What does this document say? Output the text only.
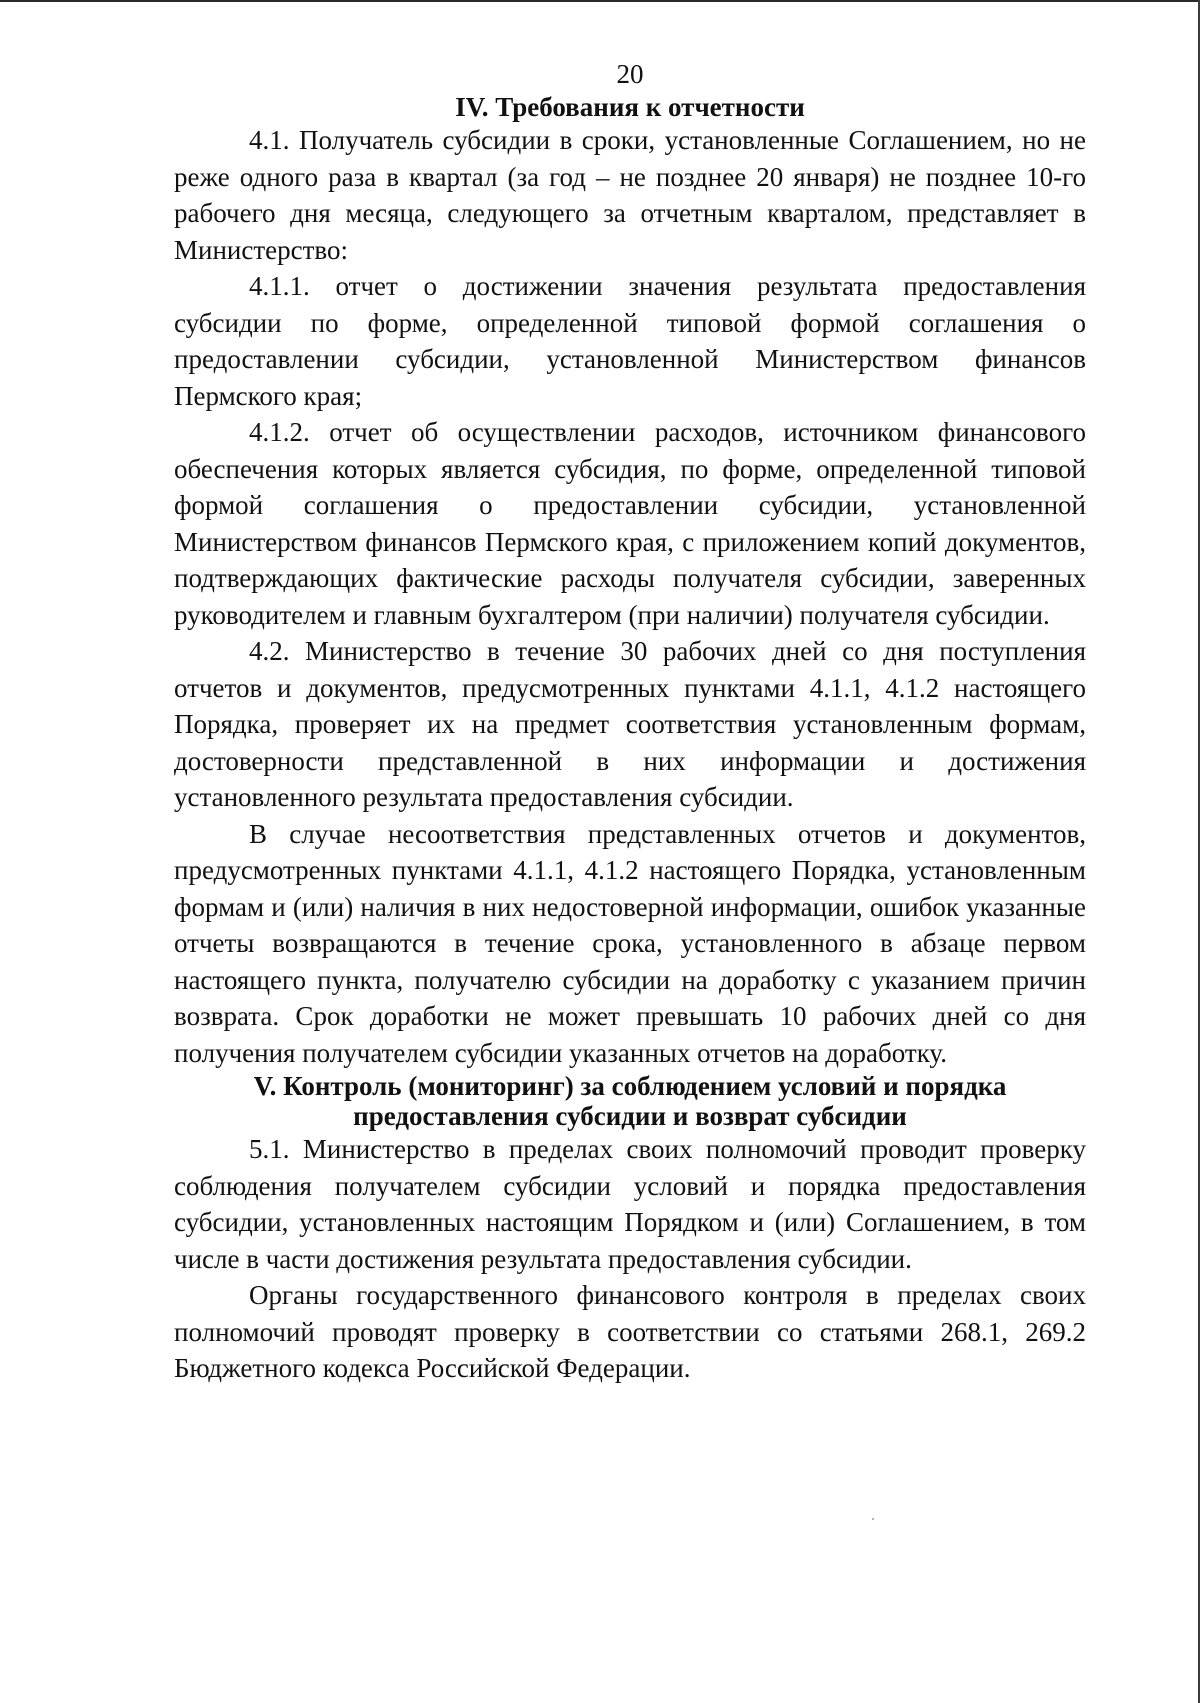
20
IV. Требования к отчетности

4.1. Получатель субсидии в сроки, установленные Соглашением, но не реже одного раза в квартал (за год – не позднее 20 января) не позднее 10-го рабочего дня месяца, следующего за отчетным кварталом, представляет в Министерство:

4.1.1. отчет о достижении значения результата предоставления субсидии по форме, определенной типовой формой соглашения о предоставлении субсидии, установленной Министерством финансов Пермского края;

4.1.2. отчет об осуществлении расходов, источником финансового обеспечения которых является субсидия, по форме, определенной типовой формой соглашения о предоставлении субсидии, установленной Министерством финансов Пермского края, с приложением копий документов, подтверждающих фактические расходы получателя субсидии, заверенных руководителем и главным бухгалтером (при наличии) получателя субсидии.

4.2. Министерство в течение 30 рабочих дней со дня поступления отчетов и документов, предусмотренных пунктами 4.1.1, 4.1.2 настоящего Порядка, проверяет их на предмет соответствия установленным формам, достоверности представленной в них информации и достижения установленного результата предоставления субсидии.

В случае несоответствия представленных отчетов и документов, предусмотренных пунктами 4.1.1, 4.1.2 настоящего Порядка, установленным формам и (или) наличия в них недостоверной информации, ошибок указанные отчеты возвращаются в течение срока, установленного в абзаце первом настоящего пункта, получателю субсидии на доработку с указанием причин возврата. Срок доработки не может превышать 10 рабочих дней со дня получения получателем субсидии указанных отчетов на доработку.

V. Контроль (мониторинг) за соблюдением условий и порядка
предоставления субсидии и возврат субсидии

5.1. Министерство в пределах своих полномочий проводит проверку соблюдения получателем субсидии условий и порядка предоставления субсидии, установленных настоящим Порядком и (или) Соглашением, в том числе в части достижения результата предоставления субсидии.

Органы государственного финансового контроля в пределах своих полномочий проводят проверку в соответствии со статьями 268.1, 269.2 Бюджетного кодекса Российской Федерации.
